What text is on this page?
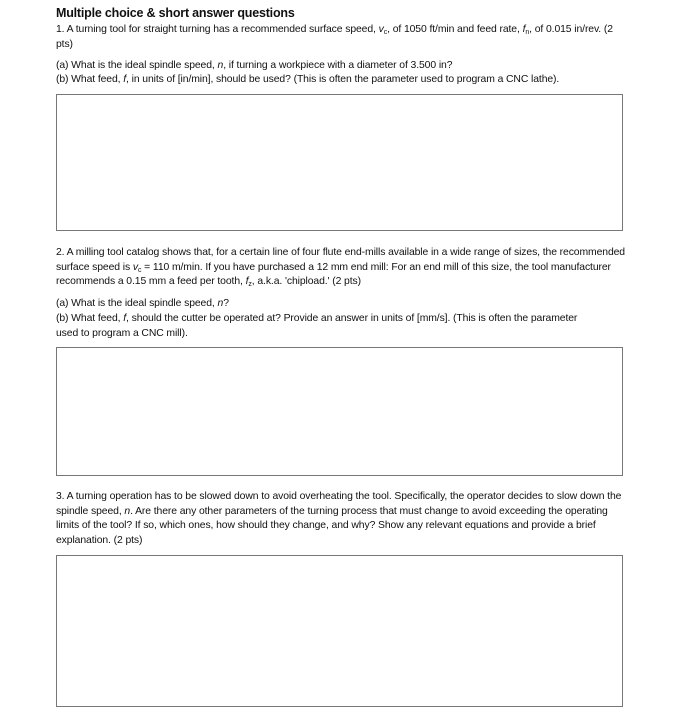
Multiple choice & short answer questions
1. A turning tool for straight turning has a recommended surface speed, $v_c$, of 1050 ft/min and feed rate, $f_n$, of 0.015 in/rev. (2 pts)
(a) What is the ideal spindle speed, n, if turning a workpiece with a diameter of 3.500 in?
(b) What feed, f, in units of [in/min], should be used? (This is often the parameter used to program a CNC lathe).
2. A milling tool catalog shows that, for a certain line of four flute end-mills available in a wide range of sizes, the recommended surface speed is $v_c = 110$ m/min. If you have purchased a 12 mm end mill: For an end mill of this size, the tool manufacturer recommends a 0.15 mm a feed per tooth, $f_z$, a.k.a. 'chipload.' (2 pts)
(a) What is the ideal spindle speed, n?
(b) What feed, f, should the cutter be operated at? Provide an answer in units of [mm/s]. (This is often the parameter used to program a CNC mill).
3. A turning operation has to be slowed down to avoid overheating the tool. Specifically, the operator decides to slow down the spindle speed, n. Are there any other parameters of the turning process that must change to avoid exceeding the operating limits of the tool? If so, which ones, how should they change, and why? Show any relevant equations and provide a brief explanation. (2 pts)
